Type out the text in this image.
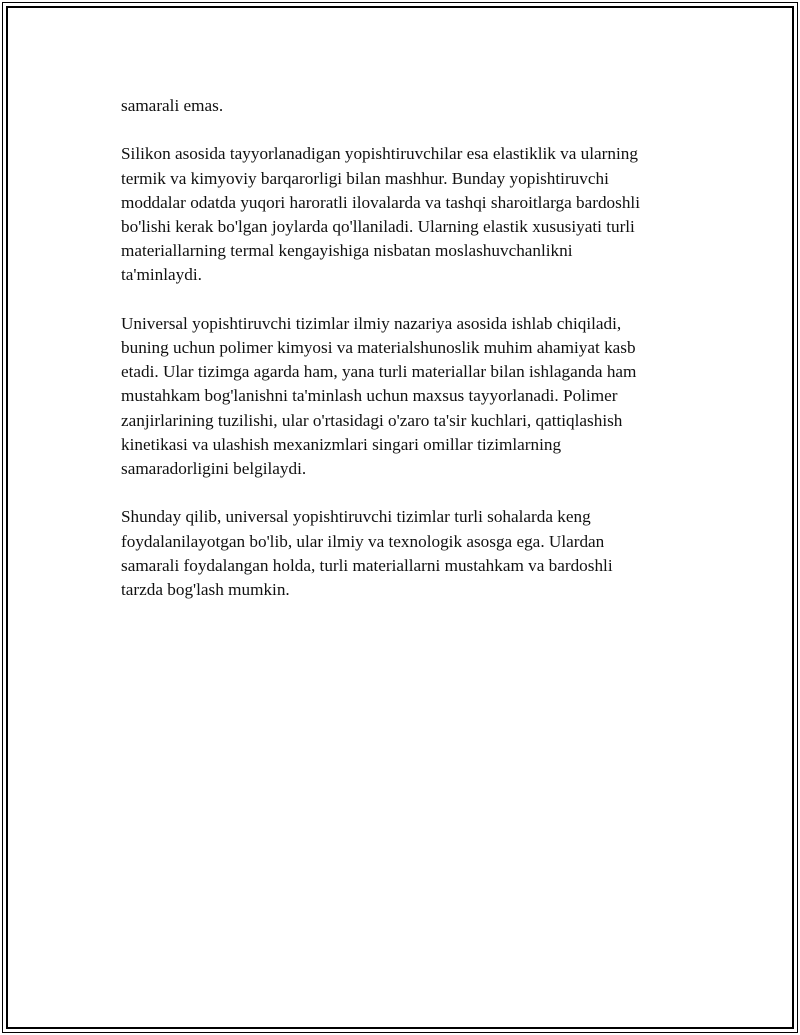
samarali emas.

Silikon asosida tayyorlanadigan yopishtiruvchilar esa elastiklik va ularning
termik va kimyoviy barqarorligi bilan mashhur. Bunday yopishtiruvchi
moddalar odatda yuqori haroratli ilovalarda va tashqi sharoitlarga bardoshli
bo'lishi kerak bo'lgan joylarda qo'llaniladi. Ularning elastik xususiyati turli
materiallarning termal kengayishiga nisbatan moslashuvchanlikni
ta'minlaydi.

Universal yopishtiruvchi tizimlar ilmiy nazariya asosida ishlab chiqiladi,
buning uchun polimer kimyosi va materialshunoslik muhim ahamiyat kasb
etadi. Ular tizimga agarda ham, yana turli materiallar bilan ishlaganda ham
mustahkam bog'lanishni ta'minlash uchun maxsus tayyorlanadi. Polimer
zanjirlarining tuzilishi, ular o'rtasidagi o'zaro ta'sir kuchlari, qattiqlashish
kinetikasi va ulashish mexanizmlari singari omillar tizimlarning
samaradorligini belgilaydi.

Shunday qilib, universal yopishtiruvchi tizimlar turli sohalarda keng
foydalanilayotgan bo'lib, ular ilmiy va texnologik asosga ega. Ulardan
samarali foydalangan holda, turli materiallarni mustahkam va bardoshli
tarzda bog'lash mumkin.
